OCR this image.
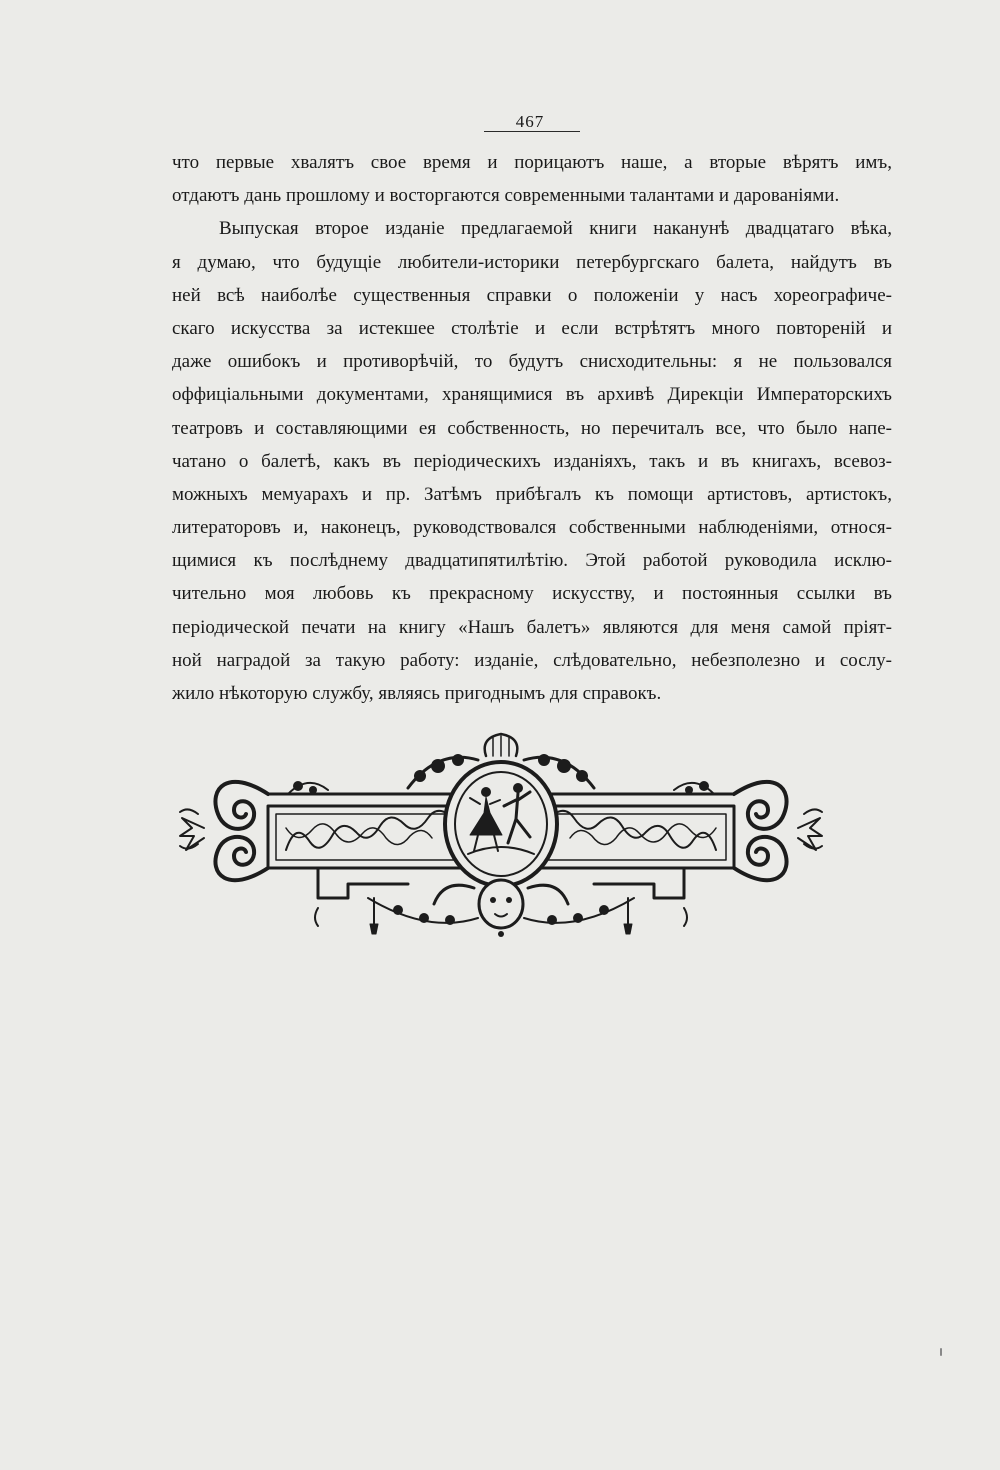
467
что первые хвалятъ свое время и порицаютъ наше, а вторые вѣрятъ имъ,
отдаютъ дань прошлому и восторгаются современными талантами и дарованіями.
Выпуская второе изданіе предлагаемой книги наканунѣ двадцатаго вѣка,
я думаю, что будущіе любители-историки петербургскаго балета, найдутъ въ
ней всѣ наиболѣе существенныя справки о положеніи у насъ хореографиче-
скаго искусства за истекшее столѣтіе и если встрѣтятъ много повтореній и
даже ошибокъ и противорѣчій, то будутъ снисходительны: я не пользовался
оффиціальными документами, хранящимися въ архивѣ Дирекціи Императорскихъ
театровъ и составляющими ея собственность, но перечиталъ все, что было напе-
чатано о балетѣ, какъ въ періодическихъ изданіяхъ, такъ и въ книгахъ, всевоз-
можныхъ мемуарахъ и пр. Затѣмъ прибѣгалъ къ помощи артистовъ, артистокъ,
литераторовъ и, наконецъ, руководствовался собственными наблюденіями, относя-
щимися къ послѣднему двадцатипятилѣтію. Этой работой руководила исклю-
чительно моя любовь къ прекрасному искусству, и постоянныя ссылки въ
періодической печати на книгу «Нашъ балетъ» являются для меня самой пріят-
ной наградой за такую работу: изданіе, слѣдовательно, небезполезно и сослу-
жило нѣкоторую службу, являясь пригоднымъ для справокъ.
